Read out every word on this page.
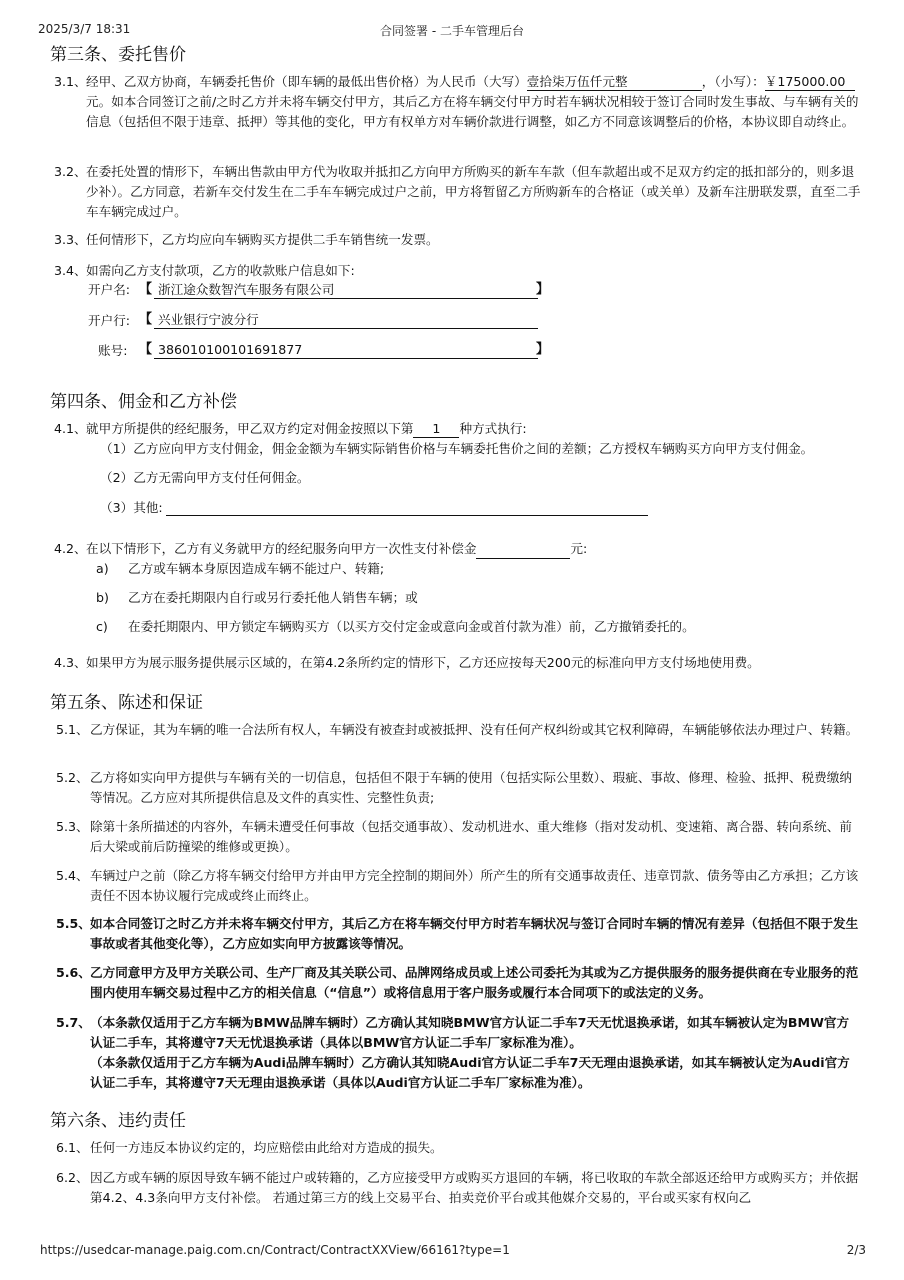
2025/3/7 18:31	合同签署 - 二手车管理后台
第三条、委托售价
3.1、 经甲、乙双方协商，车辆委托售价（即车辆的最低出售价格）为人民币（大写）壹拾柒万伍仟元整	，（小写）：￥175000.00元。如本合同签订之前/之时乙方并未将车辆交付甲方，其后乙方在将车辆交付甲方时若车辆状况相较于签订合同时发生事故、与车辆有关的信息（包括但不限于违章、抵押）等其他的变化，甲方有权单方对车辆价款进行调整，如乙方不同意该调整后的价格，本协议即自动终止。
3.2、 在委托处置的情形下，车辆出售款由甲方代为收取并抵扣乙方向甲方所购买的新车车款（但车款超出或不足双方约定的抵扣部分的，则多退少补）。乙方同意，若新车交付发生在二手车车辆完成过户之前，甲方将暂留乙方所购新车的合格证（或关单）及新车注册联发票，直至二手车车辆完成过户。
3.3、 任何情形下，乙方均应向车辆购买方提供二手车销售统一发票。
3.4、 如需向乙方支付款项，乙方的收款账户信息如下:
开户名: 【 浙江途众数智汽车服务有限公司	】
开户行: 【 兴业银行宁波分行
账号: 【 386010100101691877	】
第四条、佣金和乙方补偿
4.1、 就甲方所提供的经纪服务，甲乙双方约定对佣金按照以下第 1 种方式执行:
（1）乙方应向甲方支付佣金，佣金金额为车辆实际销售价格与车辆委托售价之间的差额；乙方授权车辆购买方向甲方支付佣金。
（2）乙方无需向甲方支付任何佣金。
（3）其他:
4.2、 在以下情形下，乙方有义务就甲方的经纪服务向甲方一次性支付补偿金	元:
a) 乙方或车辆本身原因造成车辆不能过户、转籍;
b) 乙方在委托期限内自行或另行委托他人销售车辆；或
c) 在委托期限内、甲方锁定车辆购买方（以买方交付定金或意向金或首付款为准）前，乙方撤销委托的。
4.3、 如果甲方为展示服务提供展示区域的，在第4.2条所约定的情形下，乙方还应按每天200元的标准向甲方支付场地使用费。
第五条、陈述和保证
5.1、 乙方保证，其为车辆的唯一合法所有权人，车辆没有被查封或被抵押、没有任何产权纠纷或其它权利障碍，车辆能够依法办理过户、转籍。
5.2、 乙方将如实向甲方提供与车辆有关的一切信息，包括但不限于车辆的使用（包括实际公里数）、瑕疵、事故、修理、检验、抵押、税费缴纳等情况。乙方应对其所提供信息及文件的真实性、完整性负责;
5.3、 除第十条所描述的内容外，车辆未遭受任何事故（包括交通事故）、发动机进水、重大维修（指对发动机、变速箱、离合器、转向系统、前后大梁或前后防撞梁的维修或更换）。
5.4、 车辆过户之前（除乙方将车辆交付给甲方并由甲方完全控制的期间外）所产生的所有交通事故责任、违章罚款、债务等由乙方承担；乙方该责任不因本协议履行完成或终止而终止。
5.5、 如本合同签订之时乙方并未将车辆交付甲方，其后乙方在将车辆交付甲方时若车辆状况与签订合同时车辆的情况有差异（包括但不限于发生事故或者其他变化等），乙方应如实向甲方披露该等情况。
5.6、 乙方同意甲方及甲方关联公司、生产厂商及其关联公司、品牌网络成员或上述公司委托为其或为乙方提供服务的服务提供商在专业服务的范围内使用车辆交易过程中乙方的相关信息（“信息”）或将信息用于客户服务或履行本合同项下的或法定的义务。
5.7、 （本条款仅适用于乙方车辆为BMW品牌车辆时）乙方确认其知晓BMW官方认证二手车7天无忧退换承诺，如其车辆被认定为BMW官方认证二手车，其将遵守7天无忧退换承诺（具体以BMW官方认证二手车厂家标准为准）。
（本条款仅适用于乙方车辆为Audi品牌车辆时）乙方确认其知晓Audi官方认证二手车7天无理由退换承诺，如其车辆被认定为Audi官方认证二手车，其将遵守7天无理由退换承诺（具体以Audi官方认证二手车厂家标准为准）。
第六条、违约责任
6.1、 任何一方违反本协议约定的，均应赔偿由此给对方造成的损失。
6.2、 因乙方或车辆的原因导致车辆不能过户或转籍的，乙方应接受甲方或购买方退回的车辆，将已收取的车款全部返还给甲方或购买方；并依据第4.2、4.3条向甲方支付补偿。 若通过第三方的线上交易平台、拍卖竞价平台或其他媒介交易的，平台或买家有权向乙
https://usedcar-manage.paig.com.cn/Contract/ContractXXView/66161?type=1	2/3
